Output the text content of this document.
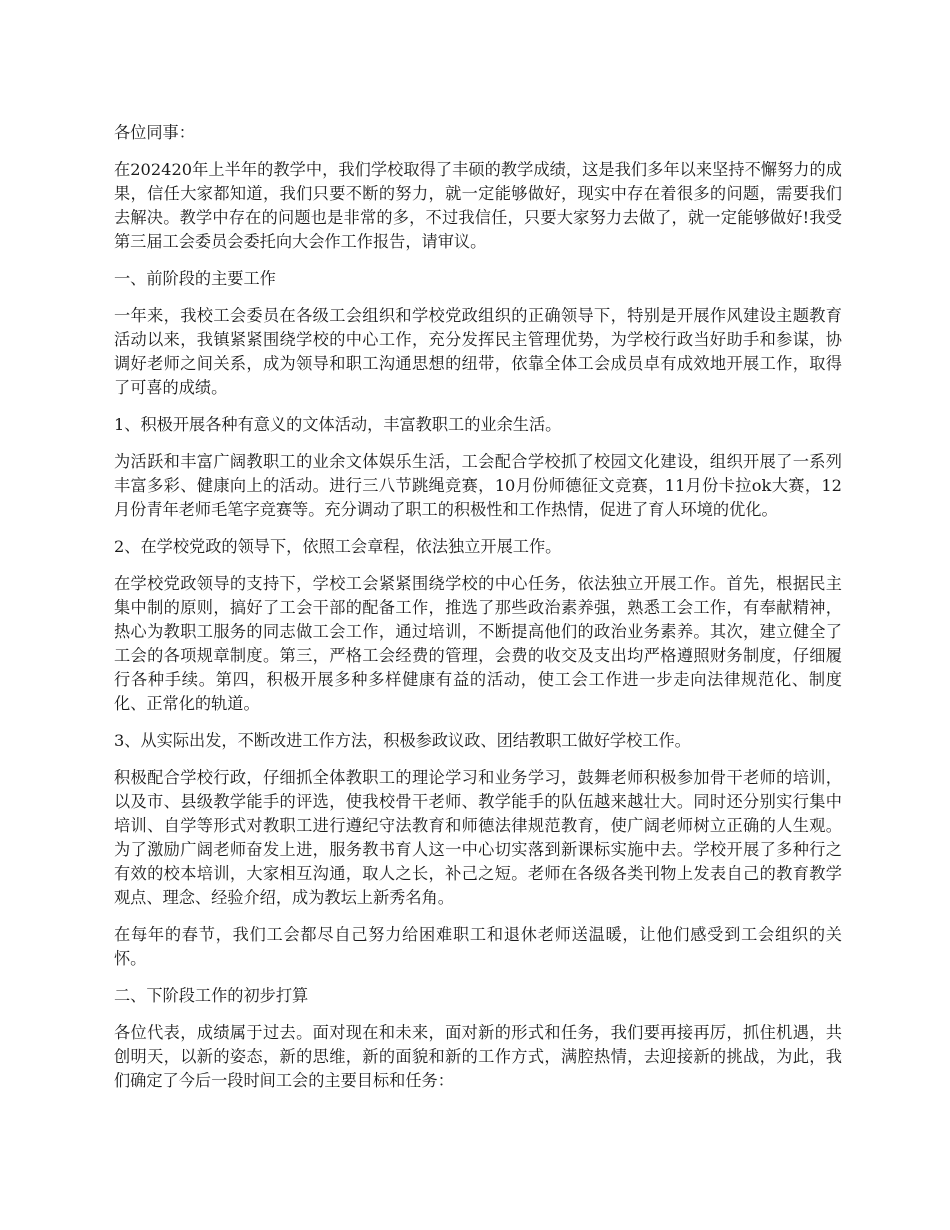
各位同事：

在202420年上半年的教学中，我们学校取得了丰硕的教学成绩，这是我们多年以来坚持不懈努力的成果，信任大家都知道，我们只要不断的努力，就一定能够做好，现实中存在着很多的问题，需要我们去解决。教学中存在的问题也是非常的多，不过我信任，只要大家努力去做了，就一定能够做好!我受第三届工会委员会委托向大会作工作报告，请审议。

一、前阶段的主要工作

一年来，我校工会委员在各级工会组织和学校党政组织的正确领导下，特别是开展作风建设主题教育活动以来，我镇紧紧围绕学校的中心工作，充分发挥民主管理优势，为学校行政当好助手和参谋，协调好老师之间关系，成为领导和职工沟通思想的纽带，依靠全体工会成员卓有成效地开展工作，取得了可喜的成绩。

1、积极开展各种有意义的文体活动，丰富教职工的业余生活。

为活跃和丰富广阔教职工的业余文体娱乐生活，工会配合学校抓了校园文化建设，组织开展了一系列丰富多彩、健康向上的活动。进行三八节跳绳竞赛，10月份师德征文竞赛，11月份卡拉ok大赛，12月份青年老师毛笔字竞赛等。充分调动了职工的积极性和工作热情，促进了育人环境的优化。

2、在学校党政的领导下，依照工会章程，依法独立开展工作。

在学校党政领导的支持下，学校工会紧紧围绕学校的中心任务，依法独立开展工作。首先，根据民主集中制的原则，搞好了工会干部的配备工作，推选了那些政治素养强，熟悉工会工作，有奉献精神，热心为教职工服务的同志做工会工作，通过培训，不断提高他们的政治业务素养。其次，建立健全了工会的各项规章制度。第三，严格工会经费的管理，会费的收交及支出均严格遵照财务制度，仔细履行各种手续。第四，积极开展多种多样健康有益的活动，使工会工作进一步走向法律规范化、制度化、正常化的轨道。

3、从实际出发，不断改进工作方法，积极参政议政、团结教职工做好学校工作。

积极配合学校行政，仔细抓全体教职工的理论学习和业务学习，鼓舞老师积极参加骨干老师的培训，以及市、县级教学能手的评选，使我校骨干老师、教学能手的队伍越来越壮大。同时还分别实行集中培训、自学等形式对教职工进行遵纪守法教育和师德法律规范教育，使广阔老师树立正确的人生观。为了激励广阔老师奋发上进，服务教书育人这一中心切实落到新课标实施中去。学校开展了多种行之有效的校本培训，大家相互沟通，取人之长，补己之短。老师在各级各类刊物上发表自己的教育教学观点、理念、经验介绍，成为教坛上新秀名角。

在每年的春节，我们工会都尽自己努力给困难职工和退休老师送温暖，让他们感受到工会组织的关怀。

二、下阶段工作的初步打算

各位代表，成绩属于过去。面对现在和未来，面对新的形式和任务，我们要再接再厉，抓住机遇，共创明天，以新的姿态，新的思维，新的面貌和新的工作方式，满腔热情，去迎接新的挑战，为此，我们确定了今后一段时间工会的主要目标和任务：
